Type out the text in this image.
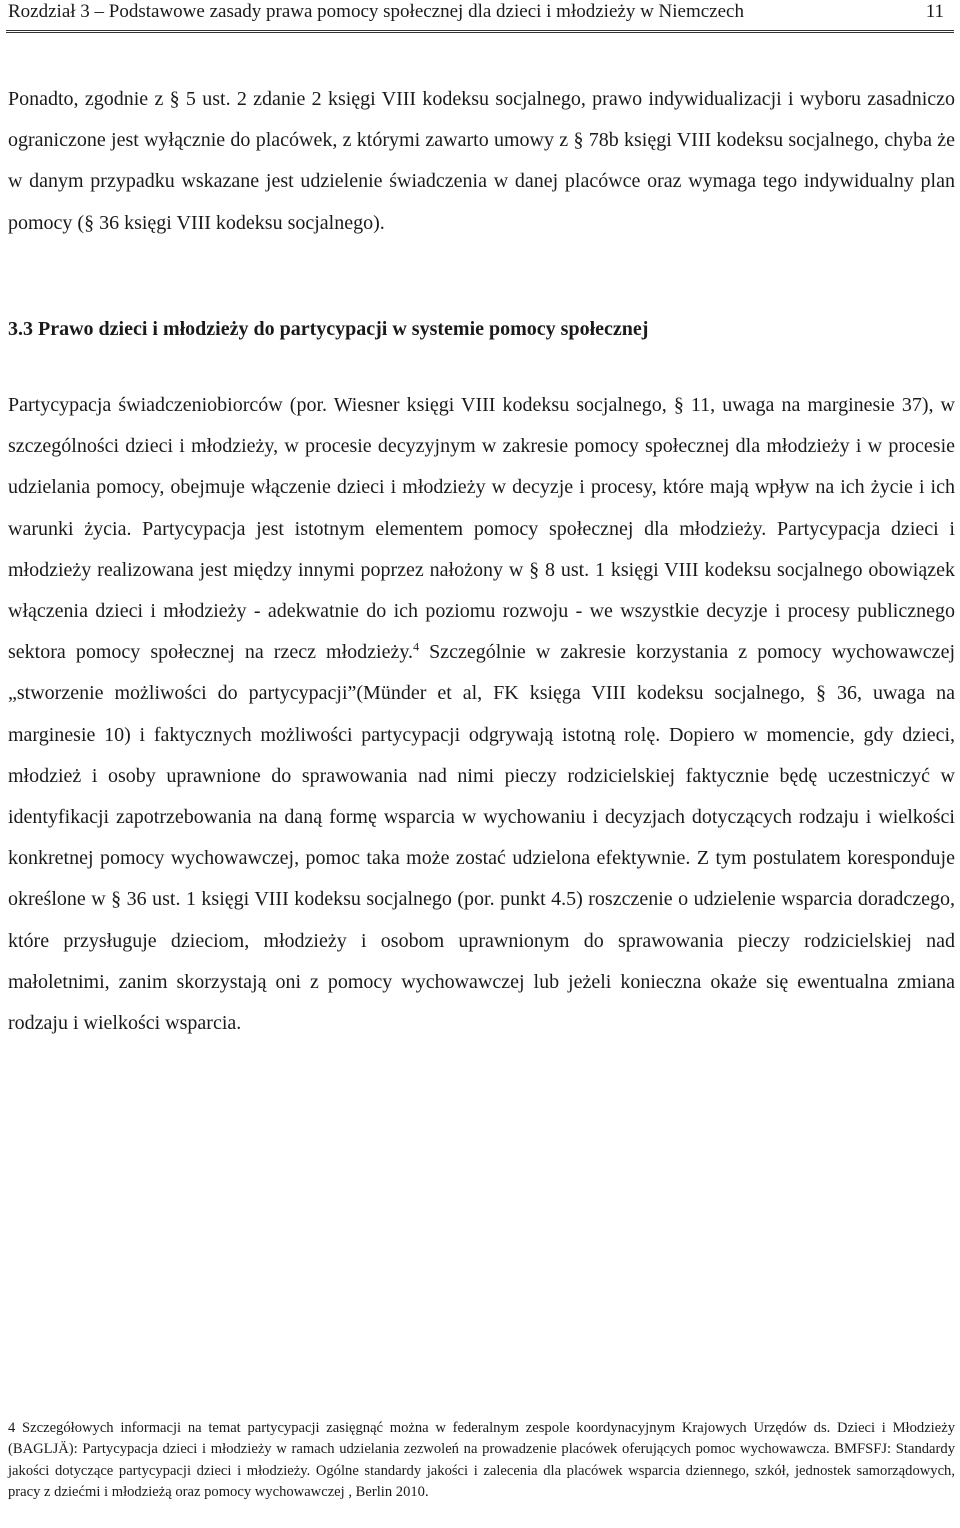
Rozdział 3 – Podstawowe zasady prawa pomocy społecznej dla dzieci i młodzieży w Niemczech	11

Ponadto, zgodnie z § 5 ust. 2 zdanie 2 księgi VIII kodeksu socjalnego, prawo indywidualizacji i wyboru zasadniczo ograniczone jest wyłącznie do placówek, z którymi zawarto umowy z § 78b księgi VIII kodeksu socjalnego, chyba że w danym przypadku wskazane jest udzielenie świadczenia w danej placówce oraz wymaga tego indywidualny plan pomocy (§ 36 księgi VIII kodeksu socjalnego).

3.3 Prawo dzieci i młodzieży do partycypacji w systemie pomocy społecznej

Partycypacja świadczeniobiorców (por. Wiesner księgi VIII kodeksu socjalnego, § 11, uwaga na marginesie 37), w szczególności dzieci i młodzieży, w procesie decyzyjnym w zakresie pomocy społecznej dla młodzieży i w procesie udzielania pomocy, obejmuje włączenie dzieci i młodzieży w decyzje i procesy, które mają wpływ na ich życie i ich warunki życia. Partycypacja jest istotnym elementem pomocy społecznej dla młodzieży. Partycypacja dzieci i młodzieży realizowana jest między innymi poprzez nałożony w § 8 ust. 1 księgi VIII kodeksu socjalnego obowiązek włączenia dzieci i młodzieży - adekwatnie do ich poziomu rozwoju - we wszystkie decyzje i procesy publicznego sektora pomocy społecznej na rzecz młodzieży.$^4$ Szczególnie w zakresie korzystania z pomocy wychowawczej „stworzenie możliwości do partycypacji”(Münder et al, FK księga VIII kodeksu socjalnego, § 36, uwaga na marginesie 10) i faktycznych możliwości partycypacji odgrywają istotną rolę. Dopiero w momencie, gdy dzieci, młodzież i osoby uprawnione do sprawowania nad nimi pieczy rodzicielskiej faktycznie będę uczestniczyć w identyfikacji zapotrzebowania na daną formę wsparcia w wychowaniu i decyzjach dotyczących rodzaju i wielkości konkretnej pomocy wychowawczej, pomoc taka może zostać udzielona efektywnie. Z tym postulatem koresponduje określone w § 36 ust. 1 księgi VIII kodeksu socjalnego (por. punkt 4.5) roszczenie o udzielenie wsparcia doradczego, które przysługuje dzieciom, młodzieży i osobom uprawnionym do sprawowania pieczy rodzicielskiej nad małoletnimi, zanim skorzystają oni z pomocy wychowawczej lub jeżeli konieczna okaże się ewentualna zmiana rodzaju i wielkości wsparcia.

4 Szczegółowych informacji na temat partycypacji zasięgnąć można w federalnym zespole koordynacyjnym Krajowych Urzędów ds. Dzieci i Młodzieży (BAGLJÄ): Partycypacja dzieci i młodzieży w ramach udzielania zezwoleń na prowadzenie placówek oferujących pomoc wychowawcza. BMFSFJ: Standardy jakości dotyczące partycypacji dzieci i młodzieży. Ogólne standardy jakości i zalecenia dla placówek wsparcia dziennego, szkół, jednostek samorządowych, pracy z dziećmi i młodzieżą oraz pomocy wychowawczej , Berlin 2010.
